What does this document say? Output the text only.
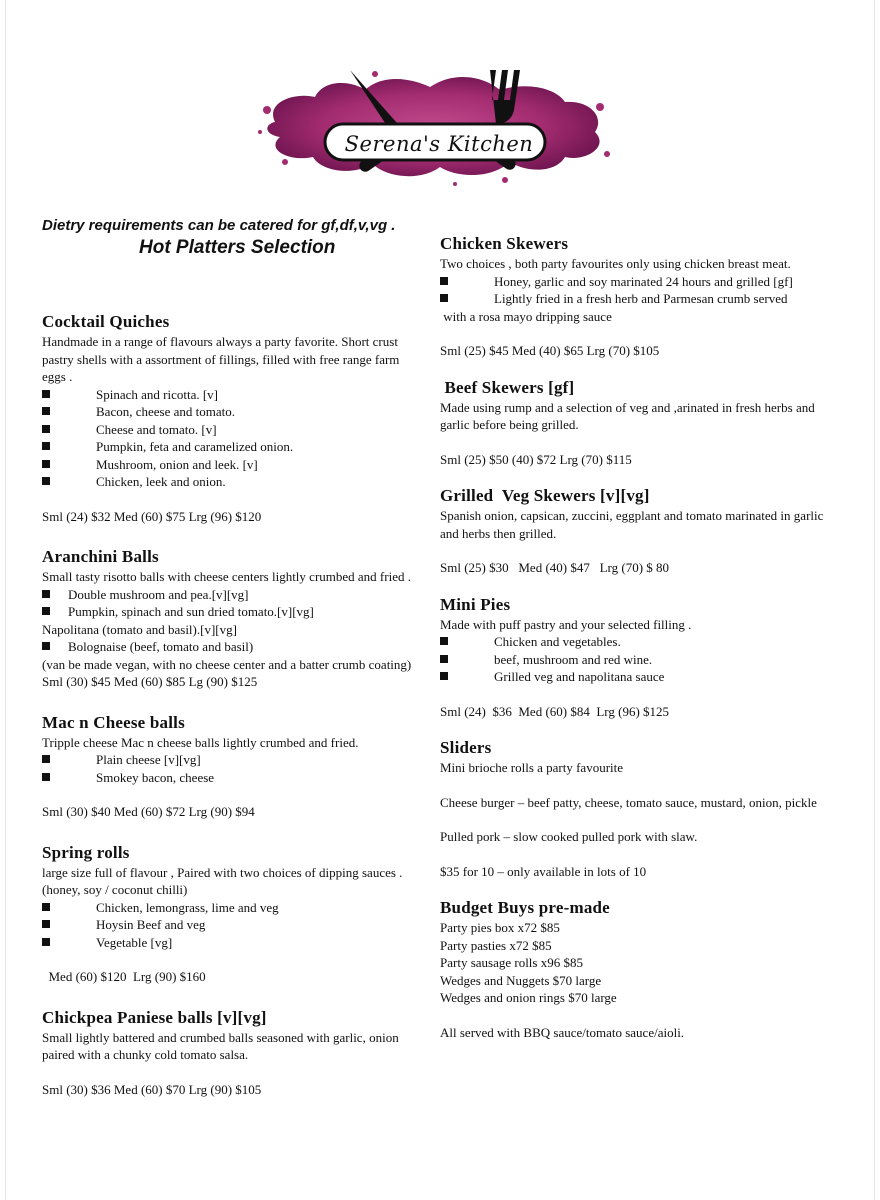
Serena's Kitchen
Dietry requirements can be catered for gf,df,v,vg .
Hot Platters Selection
Cocktail Quiches

Handmade in a range of flavours always a party favorite. Short crust pastry shells with a assortment of fillings, filled with free range farm eggs .

Spinach and ricotta. [v]
Bacon, cheese and tomato.
Cheese and tomato. [v]
Pumpkin, feta and caramelized onion.
Mushroom, onion and leek. [v]
Chicken, leek and onion.

Sml (24) $32 Med (60) $75 Lrg (96) $120

Aranchini Balls

Small tasty risotto balls with cheese centers lightly crumbed and fried .

Double mushroom and pea.[v][vg]
Pumpkin, spinach and sun dried tomato.[v][vg]

Napolitana (tomato and basil).[v][vg]

Bolognaise (beef, tomato and basil)

(van be made vegan, with no cheese center and a batter crumb coating)

Sml (30) $45 Med (60) $85 Lg (90) $125

Mac n Cheese balls

Tripple cheese Mac n cheese balls lightly crumbed and fried.

Plain cheese [v][vg]
Smokey bacon, cheese

Sml (30) $40 Med (60) $72 Lrg (90) $94

Spring rolls

large size full of flavour , Paired with two choices of dipping sauces . (honey, soy / coconut chilli)

Chicken, lemongrass, lime and veg
Hoysin Beef and veg
Vegetable [vg]

Med (60) $120  Lrg (90) $160

Chickpea Paniese balls [v][vg]

Small lightly battered and crumbed balls seasoned with garlic, onion paired with a chunky cold tomato salsa.

Sml (30) $36 Med (60) $70 Lrg (90) $105

Chicken Skewers

Two choices , both party favourites only using chicken breast meat.

Honey, garlic and soy marinated 24 hours and grilled [gf]
Lightly fried in a fresh herb and Parmesan crumb served

with a rosa mayo dripping sauce

Sml (25) $45 Med (40) $65 Lrg (70) $105

Beef Skewers [gf]

Made using rump and a selection of veg and ,arinated in fresh herbs and garlic before being grilled.

Sml (25) $50 (40) $72 Lrg (70) $115

Grilled  Veg Skewers [v][vg]

Spanish onion, capsican, zuccini, eggplant and tomato marinated in garlic and herbs then grilled.

Sml (25) $30   Med (40) $47   Lrg (70) $ 80

Mini Pies

Made with puff pastry and your selected filling .

Chicken and vegetables.
beef, mushroom and red wine.
Grilled veg and napolitana sauce

Sml (24)  $36  Med (60) $84  Lrg (96) $125

Sliders

Mini brioche rolls a party favourite

Cheese burger – beef patty, cheese, tomato sauce, mustard, onion, pickle

Pulled pork – slow cooked pulled pork with slaw.

$35 for 10 – only available in lots of 10

Budget Buys pre-made

Party pies box x72 $85

Party pasties x72 $85

Party sausage rolls x96 $85

Wedges and Nuggets $70 large

Wedges and onion rings $70 large

All served with BBQ sauce/tomato sauce/aioli.
